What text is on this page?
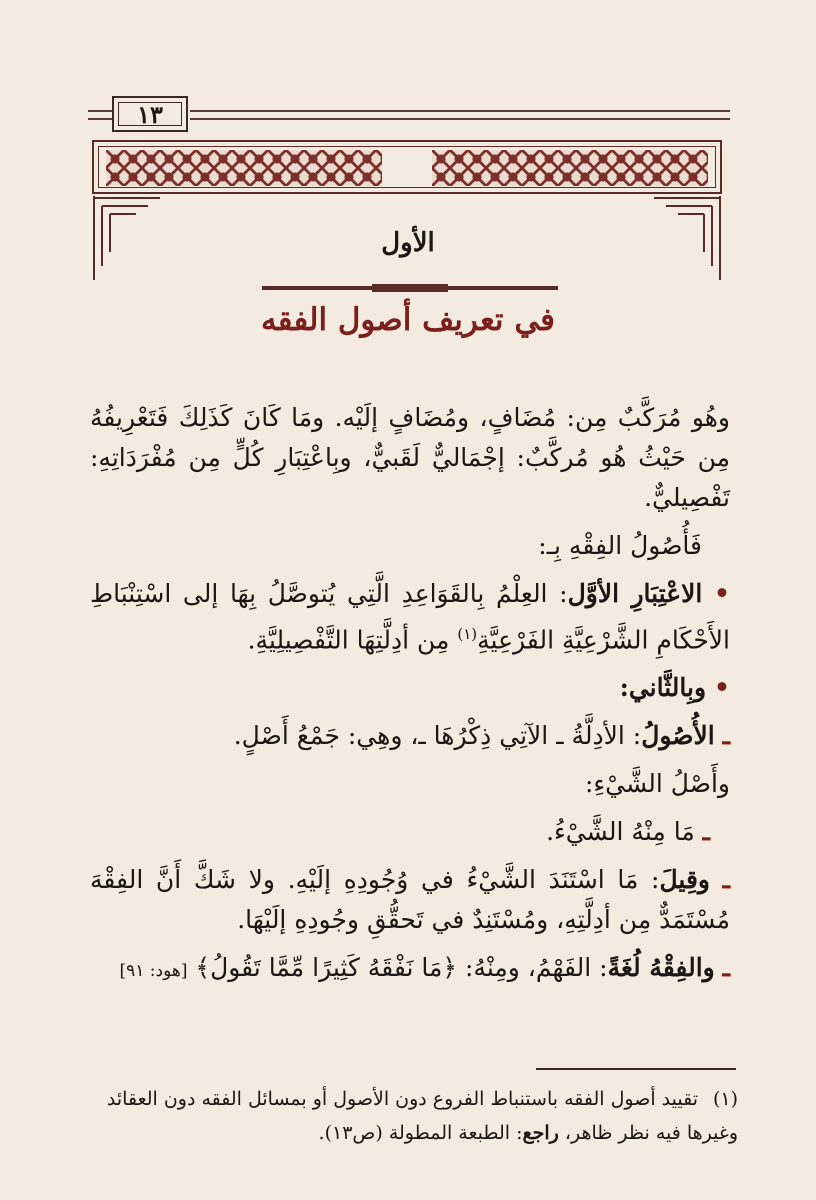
١٣
الأول
في تعريف أصول الفقه

وهُو مُرَكَّبٌ مِن: مُضَافٍ، ومُضَافٍ إلَيْه. ومَا كَانَ كَذَلِكَ فَتَعْرِيفُهُ مِن حَيْثُ هُو مُركَّبٌ: إجْمَاليٌّ لَقَبيٌّ، وبِاعْتِبَارِ كُلٍّ مِن مُفْرَدَاتِهِ: تَفْصِيليٌّ.

فَأُصُولُ الفِقْهِ بِـ:

• الاعْتِبَارِ الأوَّل: العِلْمُ بِالقَوَاعِدِ الَّتِي يُتوصَّلُ بِهَا إلى اسْتِنْبَاطِ الأَحْكَامِ الشَّرْعِيَّةِ الفَرْعِيَّةِ$^{(١)}$ مِن أدِلَّتِهَا التَّفْصِيلِيَّةِ.

• وبِالثَّاني:

ـ الأُصُولُ: الأدِلَّةُ ـ الآتِي ذِكْرُهَا ـ، وهِي: جَمْعُ أَصْلٍ.

وأَصْلُ الشَّيْءِ:

ـ مَا مِنْهُ الشَّيْءُ.

ـ وقِيلَ: مَا اسْتَنَدَ الشَّيْءُ في وُجُودِهِ إلَيْهِ. ولا شَكَّ أَنَّ الفِقْهَ مُسْتَمَدٌّ مِن أدِلَّتِهِ، ومُسْتَنِدٌ في تَحقُّقِ وجُودِهِ إلَيْهَا.

ـ والفِقْهُ لُغَةً: الفَهْمُ، ومِنْهُ: ﴿مَا نَفْقَهُ كَثِيرًا مِّمَّا تَقُولُ﴾ [هود: ٩١]

(١)تقييد أصول الفقه باستنباط الفروع دون الأصول أو بمسائل الفقه دون العقائد وغيرها فيه نظر ظاهر، راجع: الطبعة المطولة (ص١٣).
